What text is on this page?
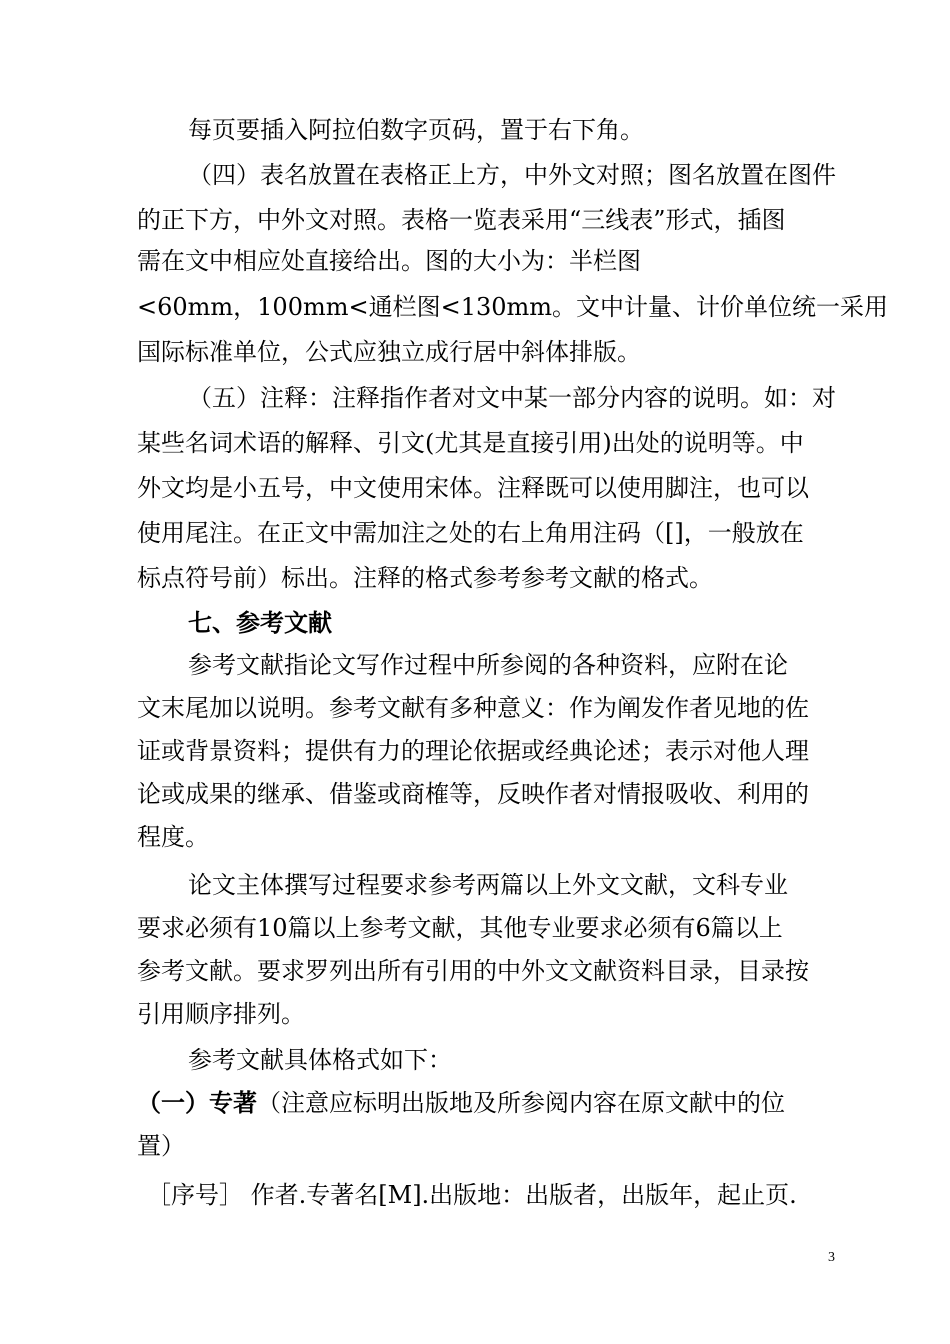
每页要插入阿拉伯数字页码，置于右下角。
（四）表名放置在表格正上方，中外文对照；图名放置在图件
的正下方，中外文对照。表格一览表采用“三线表”形式，插图
需在文中相应处直接给出。图的大小为：半栏图
<60mm，100mm<通栏图<130mm。文中计量、计价单位统一采用
国际标准单位，公式应独立成行居中斜体排版。
（五）注释：注释指作者对文中某一部分内容的说明。如：对
某些名词术语的解释、引文(尤其是直接引用)出处的说明等。中
外文均是小五号，中文使用宋体。注释既可以使用脚注，也可以
使用尾注。在正文中需加注之处的右上角用注码（[]，一般放在
标点符号前）标出。注释的格式参考参考文献的格式。
七、参考文献
参考文献指论文写作过程中所参阅的各种资料，应附在论
文末尾加以说明。参考文献有多种意义：作为阐发作者见地的佐
证或背景资料；提供有力的理论依据或经典论述；表示对他人理
论或成果的继承、借鉴或商榷等，反映作者对情报吸收、利用的
程度。
论文主体撰写过程要求参考两篇以上外文文献，文科专业
要求必须有10篇以上参考文献，其他专业要求必须有6篇以上
参考文献。要求罗列出所有引用的中外文文献资料目录，目录按
引用顺序排列。
参考文献具体格式如下：
（一）专著（注意应标明出版地及所参阅内容在原文献中的位
置）
［序号］ 作者.专著名[M].出版地：出版者，出版年，起止页.
3
